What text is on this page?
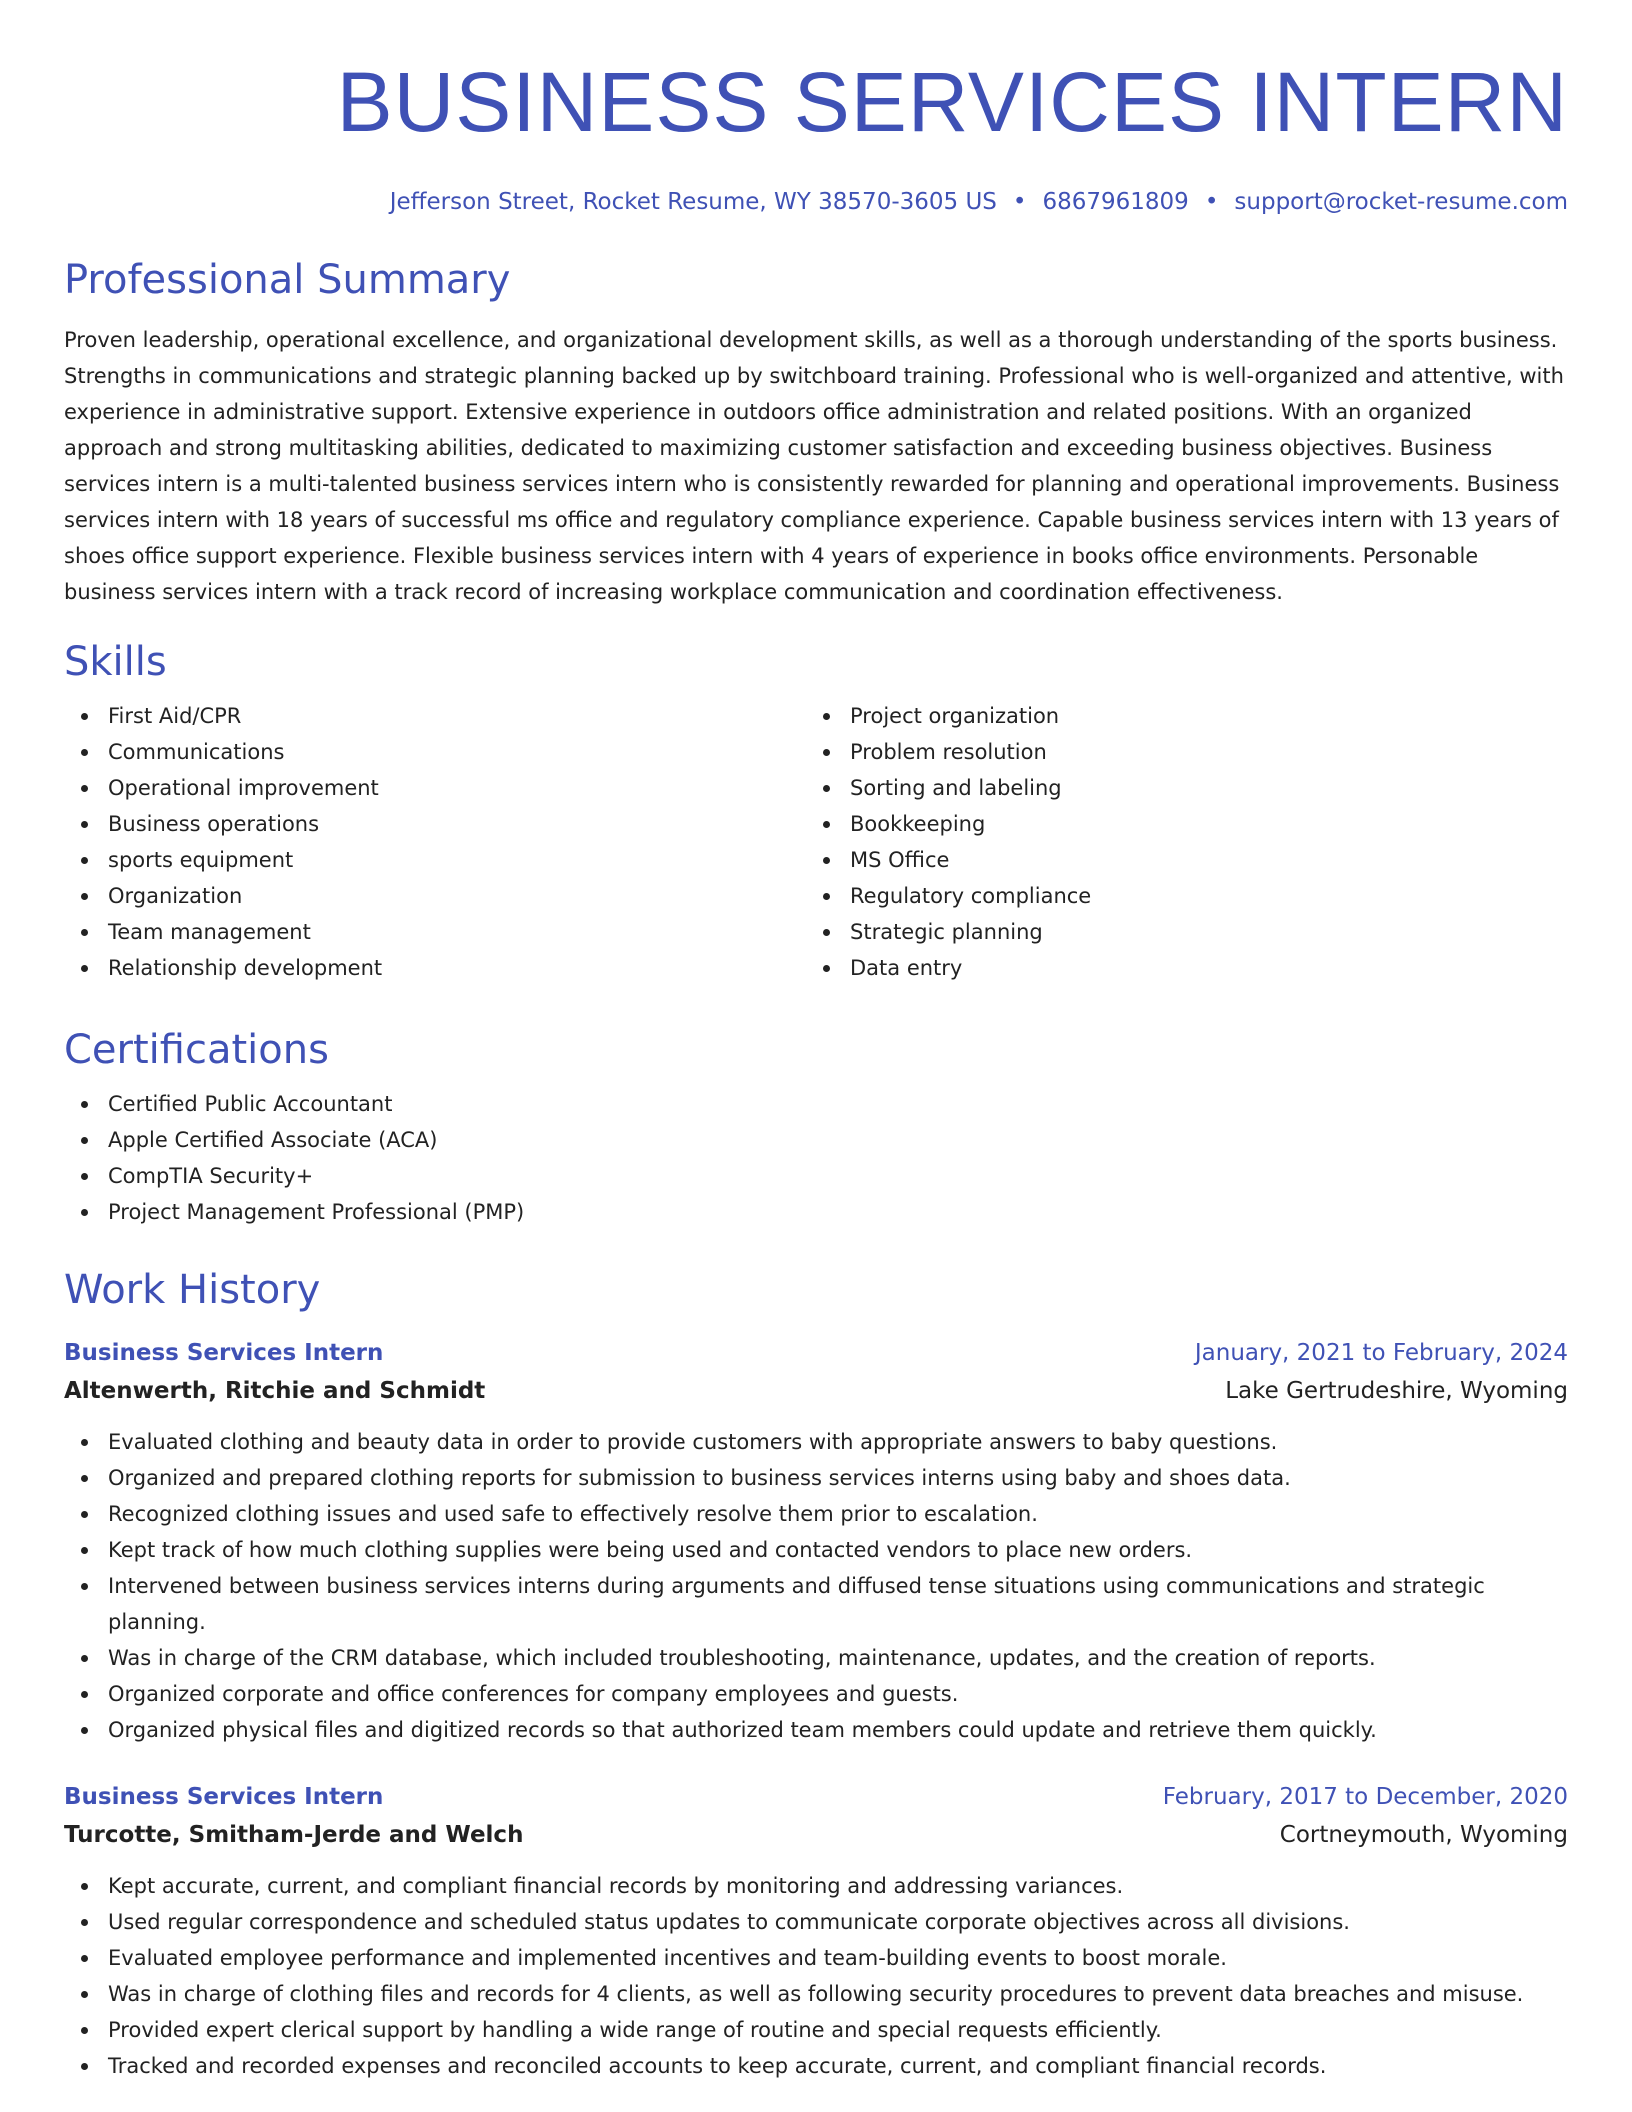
BUSINESS SERVICES INTERN
Jefferson Street, Rocket Resume, WY 38570-3605 US • 6867961809 • support@rocket-resume.com
Professional Summary

Proven leadership, operational excellence, and organizational development skills, as well as a thorough understanding of the sports business. Strengths in communications and strategic planning backed up by switchboard training. Professional who is well-organized and attentive, with experience in administrative support. Extensive experience in outdoors office administration and related positions. With an organized approach and strong multitasking abilities, dedicated to maximizing customer satisfaction and exceeding business objectives. Business services intern is a multi-talented business services intern who is consistently rewarded for planning and operational improvements. Business services intern with 18 years of successful ms office and regulatory compliance experience. Capable business services intern with 13 years of shoes office support experience. Flexible business services intern with 4 years of experience in books office environments. Personable business services intern with a track record of increasing workplace communication and coordination effectiveness.

Skills
First Aid/CPR
Communications
Operational improvement
Business operations
sports equipment
Organization
Team management
Relationship development
Project organization
Problem resolution
Sorting and labeling
Bookkeeping
MS Office
Regulatory compliance
Strategic planning
Data entry
Certifications
Certified Public Accountant
Apple Certified Associate (ACA)
CompTIA Security+
Project Management Professional (PMP)
Work History
Business Services Intern	January, 2021 to February, 2024
Altenwerth, Ritchie and Schmidt	Lake Gertrudeshire, Wyoming
Evaluated clothing and beauty data in order to provide customers with appropriate answers to baby questions.
Organized and prepared clothing reports for submission to business services interns using baby and shoes data.
Recognized clothing issues and used safe to effectively resolve them prior to escalation.
Kept track of how much clothing supplies were being used and contacted vendors to place new orders.
Intervened between business services interns during arguments and diffused tense situations using communications and strategic planning.
Was in charge of the CRM database, which included troubleshooting, maintenance, updates, and the creation of reports.
Organized corporate and office conferences for company employees and guests.
Organized physical files and digitized records so that authorized team members could update and retrieve them quickly.
Business Services Intern	February, 2017 to December, 2020
Turcotte, Smitham-Jerde and Welch	Cortneymouth, Wyoming
Kept accurate, current, and compliant financial records by monitoring and addressing variances.
Used regular correspondence and scheduled status updates to communicate corporate objectives across all divisions.
Evaluated employee performance and implemented incentives and team-building events to boost morale.
Was in charge of clothing files and records for 4 clients, as well as following security procedures to prevent data breaches and misuse.
Provided expert clerical support by handling a wide range of routine and special requests efficiently.
Tracked and recorded expenses and reconciled accounts to keep accurate, current, and compliant financial records.
